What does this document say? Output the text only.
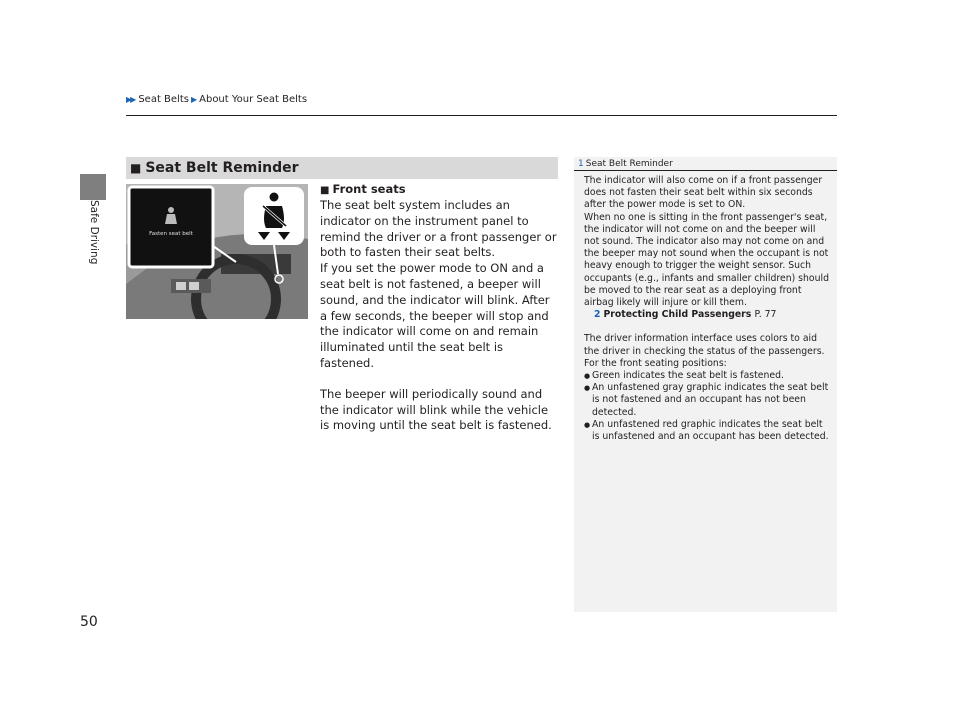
Safe Driving
▶▶ Seat Belts ▶ About Your Seat Belts
■ Seat Belt Reminder
Fasten seat belt
■ Front seats

The seat belt system includes an indicator on the instrument panel to remind the driver or a front passenger or both to fasten their seat belts.

If you set the power mode to ON and a seat belt is not fastened, a beeper will sound, and the indicator will blink. After a few seconds, the beeper will stop and the indicator will come on and remain illuminated until the seat belt is fastened.

The beeper will periodically sound and the indicator will blink while the vehicle is moving until the seat belt is fastened.

1 Seat Belt Reminder
The indicator will also come on if a front passenger does not fasten their seat belt within six seconds after the power mode is set to ON.
When no one is sitting in the front passenger's seat, the indicator will not come on and the beeper will not sound. The indicator also may not come on and the beeper may not sound when the occupant is not heavy enough to trigger the weight sensor. Such occupants (e.g., infants and smaller children) should be moved to the rear seat as a deploying front airbag likely will injure or kill them.
2 Protecting Child Passengers P. 77
The driver information interface uses colors to aid the driver in checking the status of the passengers.
For the front seating positions:
● Green indicates the seat belt is fastened.
● An unfastened gray graphic indicates the seat belt is not fastened and an occupant has not been detected.
● An unfastened red graphic indicates the seat belt is unfastened and an occupant has been detected.
50
